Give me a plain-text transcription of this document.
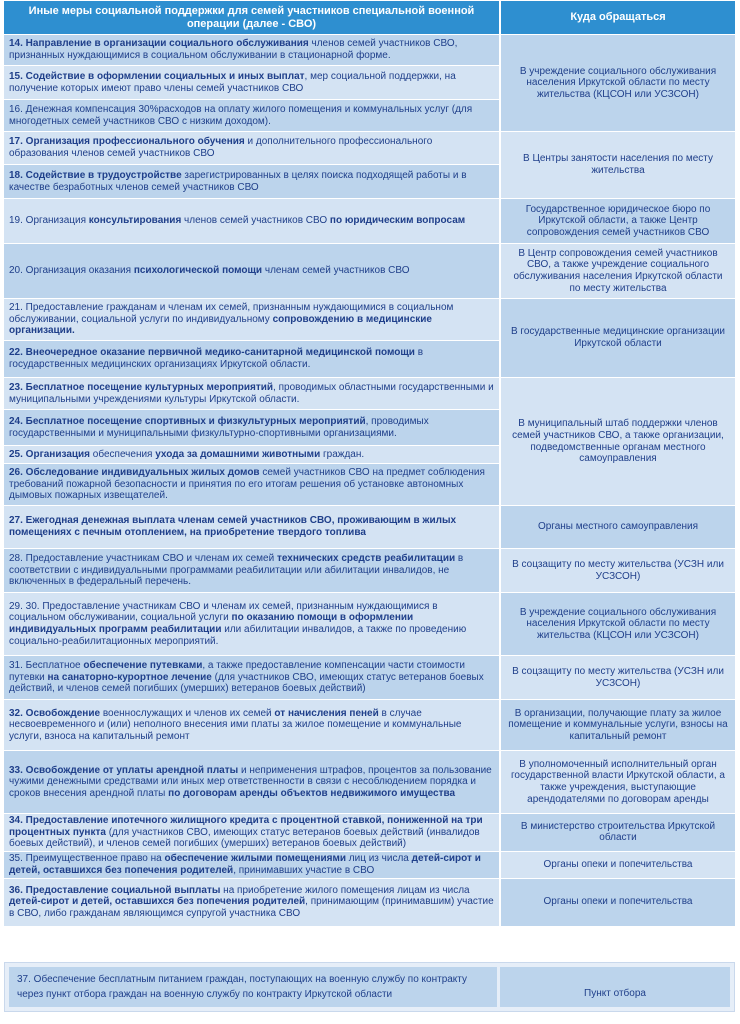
Иные меры социальной поддержки для семей участников специальной военной операции (далее - СВО)	Куда обращаться
14. Направление в организации социального обслуживания членов семей участников СВО, признанных нуждающимися в социальном обслуживании в стационарной форме.	В учреждение социального обслуживания населения Иркутской области по месту жительства (КЦСОН или УСЗСОН)
15. Содействие в оформлении социальных и иных выплат, мер социальной поддержки, на получение которых имеют право члены семей участников СВО	
16. Денежная компенсация 30%расходов на оплату жилого помещения и коммунальных услуг (для многодетных семей участников СВО с низким доходом).	
17. Организация профессионального обучения и дополнительного профессионального образования членов семей участников СВО	В Центры занятости населения по месту жительства
18. Содействие в трудоустройстве зарегистрированных в целях поиска подходящей работы и в качестве безработных членов семей участников СВО	
19. Организация консультирования членов семей участников СВО по юридическим вопросам	Государственное юридическое бюро по Иркутской области, а также Центр сопровождения семей участников СВО
20. Организация оказания психологической помощи членам семей участников СВО	В Центр сопровождения семей участников СВО, а также учреждение социального обслуживания населения Иркутской области по месту жительства
21. Предоставление гражданам и членам их семей, признанным нуждающимися в социальном обслуживании, социальной услуги по индивидуальному сопровождению в медицинские организации.	В государственные медицинские организации Иркутской области
22. Внеочередное оказание первичной медико-санитарной медицинской помощи в государственных медицинских организациях Иркутской области.	
23. Бесплатное посещение культурных мероприятий, проводимых областными государственными и муниципальными учреждениями культуры Иркутской области.	В муниципальный штаб поддержки членов семей участников СВО, а также организации, подведомственные органам местного самоуправления
24. Бесплатное посещение спортивных и физкультурных мероприятий, проводимых государственными и муниципальными физкультурно-спортивными организациями.	
25. Организация обеспечения ухода за домашними животными граждан.	
26. Обследование индивидуальных жилых домов семей участников СВО на предмет соблюдения требований пожарной безопасности и принятия по его итогам решения об установке автономных дымовых пожарных извещателей.	
27. Ежегодная денежная выплата членам семей участников СВО, проживающим в жилых помещениях с печным отоплением, на приобретение твердого топлива	Органы местного самоуправления
28. Предоставление участникам СВО и членам их семей технических средств реабилитации в соответствии с индивидуальными программами реабилитации или абилитации инвалидов, не включенных в федеральный перечень.	В соцзащиту по месту жительства (УСЗН или УСЗСОН)
29. 30. Предоставление участникам СВО и членам их семей, признанным нуждающимися в социальном обслуживании, социальной услуги по оказанию помощи в оформлении индивидуальных программ реабилитации или абилитации инвалидов, а также по проведению социально-реабилитационных мероприятий.	В учреждение социального обслуживания населения Иркутской области по месту жительства (КЦСОН или УСЗСОН)
31. Бесплатное обеспечение путевками, а также предоставление компенсации части стоимости путевки на санаторно-курортное лечение (для участников СВО, имеющих статус ветеранов боевых действий, и членов семей погибших (умерших) ветеранов боевых действий)	В соцзащиту по месту жительства (УСЗН или УСЗСОН)
32. Освобождение военнослужащих и членов их семей от начисления пеней в случае несвоевременного и (или) неполного внесения ими платы за жилое помещение и коммунальные услуги, взноса на капитальный ремонт	В организации, получающие плату за жилое помещение и коммунальные услуги, взносы на капитальный ремонт
33. Освобождение от уплаты арендной платы и неприменения штрафов, процентов за пользование чужими денежными средствами или иных мер ответственности в связи с несоблюдением порядка и сроков внесения арендной платы по договорам аренды объектов недвижимого имущества	В уполномоченный исполнительный орган государственной власти Иркутской области, а также учреждения, выступающие арендодателями по договорам аренды
34. Предоставление ипотечного жилищного кредита с процентной ставкой, пониженной на три процентных пункта (для участников СВО, имеющих статус ветеранов боевых действий (инвалидов боевых действий), и членов семей погибших (умерших) ветеранов боевых действий)	В министерство строительства Иркутской области
35. Преимущественное право на обеспечение жилыми помещениями лиц из числа детей-сирот и детей, оставшихся без попечения родителей, принимавших участие в СВО	Органы опеки и попечительства
36. Предоставление социальной выплаты на приобретение жилого помещения лицам из числа детей-сирот и детей, оставшихся без попечения родителей, принимающим (принимавшим) участие в СВО, либо гражданам являющимся супругой участника СВО	Органы опеки и попечительства
37. Обеспечение бесплатным питанием граждан, поступающих на военную службу по контракту через пункт отбора граждан на военную службу по контракту Иркутской области	Пункт отбора
